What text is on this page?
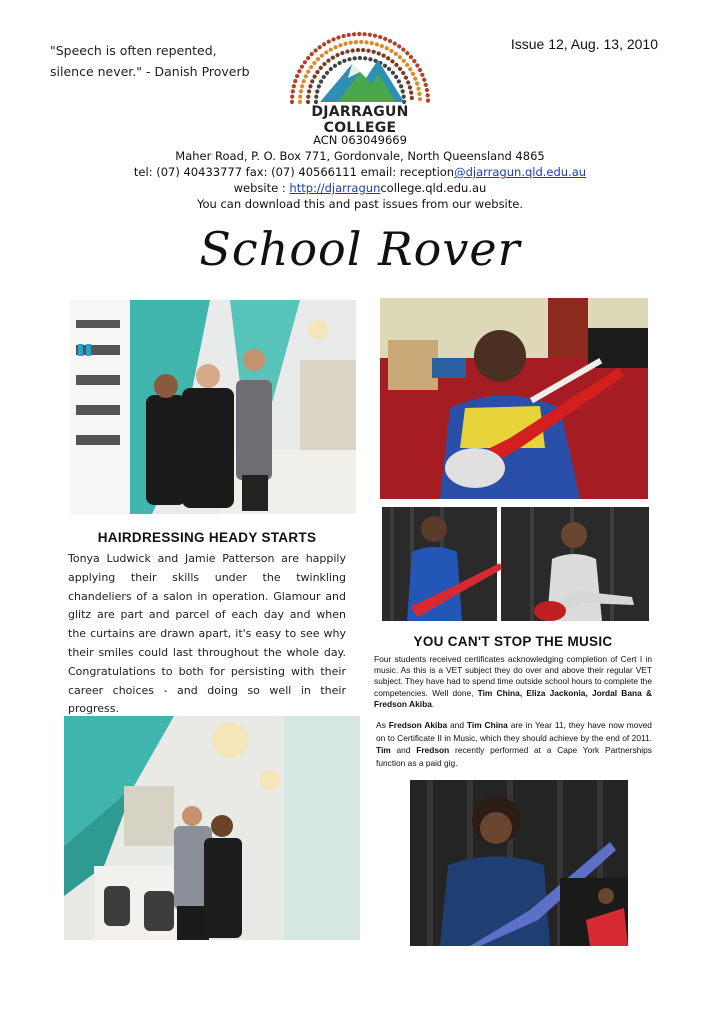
"Speech is often repented,
silence never." - Danish Proverb
Issue 12, Aug. 13, 2010
DJARRAGUN COLLEGE
ACN 063049669
Maher Road, P. O. Box 771, Gordonvale, North Queensland 4865
tel: (07) 40433777 fax: (07) 40566111 email: reception@djarragun.qld.edu.au
website : http://djarraguncollege.qld.edu.au
You can download this and past issues from our website.
School Rover
HAIRDRESSING HEADY STARTS
Tonya Ludwick and Jamie Patterson are happily applying their skills under the twinkling chandeliers of a salon in operation. Glamour and glitz are part and parcel of each day and when the curtains are drawn apart, it's easy to see why their smiles could last throughout the whole day. Congratulations to both for persisting with their career choices - and doing so well in their progress.
YOU CAN'T STOP THE MUSIC
Four students received certificates acknowledging completion of Cert I in music. As this is a VET subject they do over and above their regular VET subject. They have had to spend time outside school hours to complete the competencies. Well done, Tim China, Eliza Jackonia, Jordal Bana & Fredson Akiba.
As Fredson Akiba and Tim China are in Year 11, they have now moved on to Certificate II in Music, which they should achieve by the end of 2011. Tim and Fredson recently performed at a Cape York Partnerships function as a paid gig.
